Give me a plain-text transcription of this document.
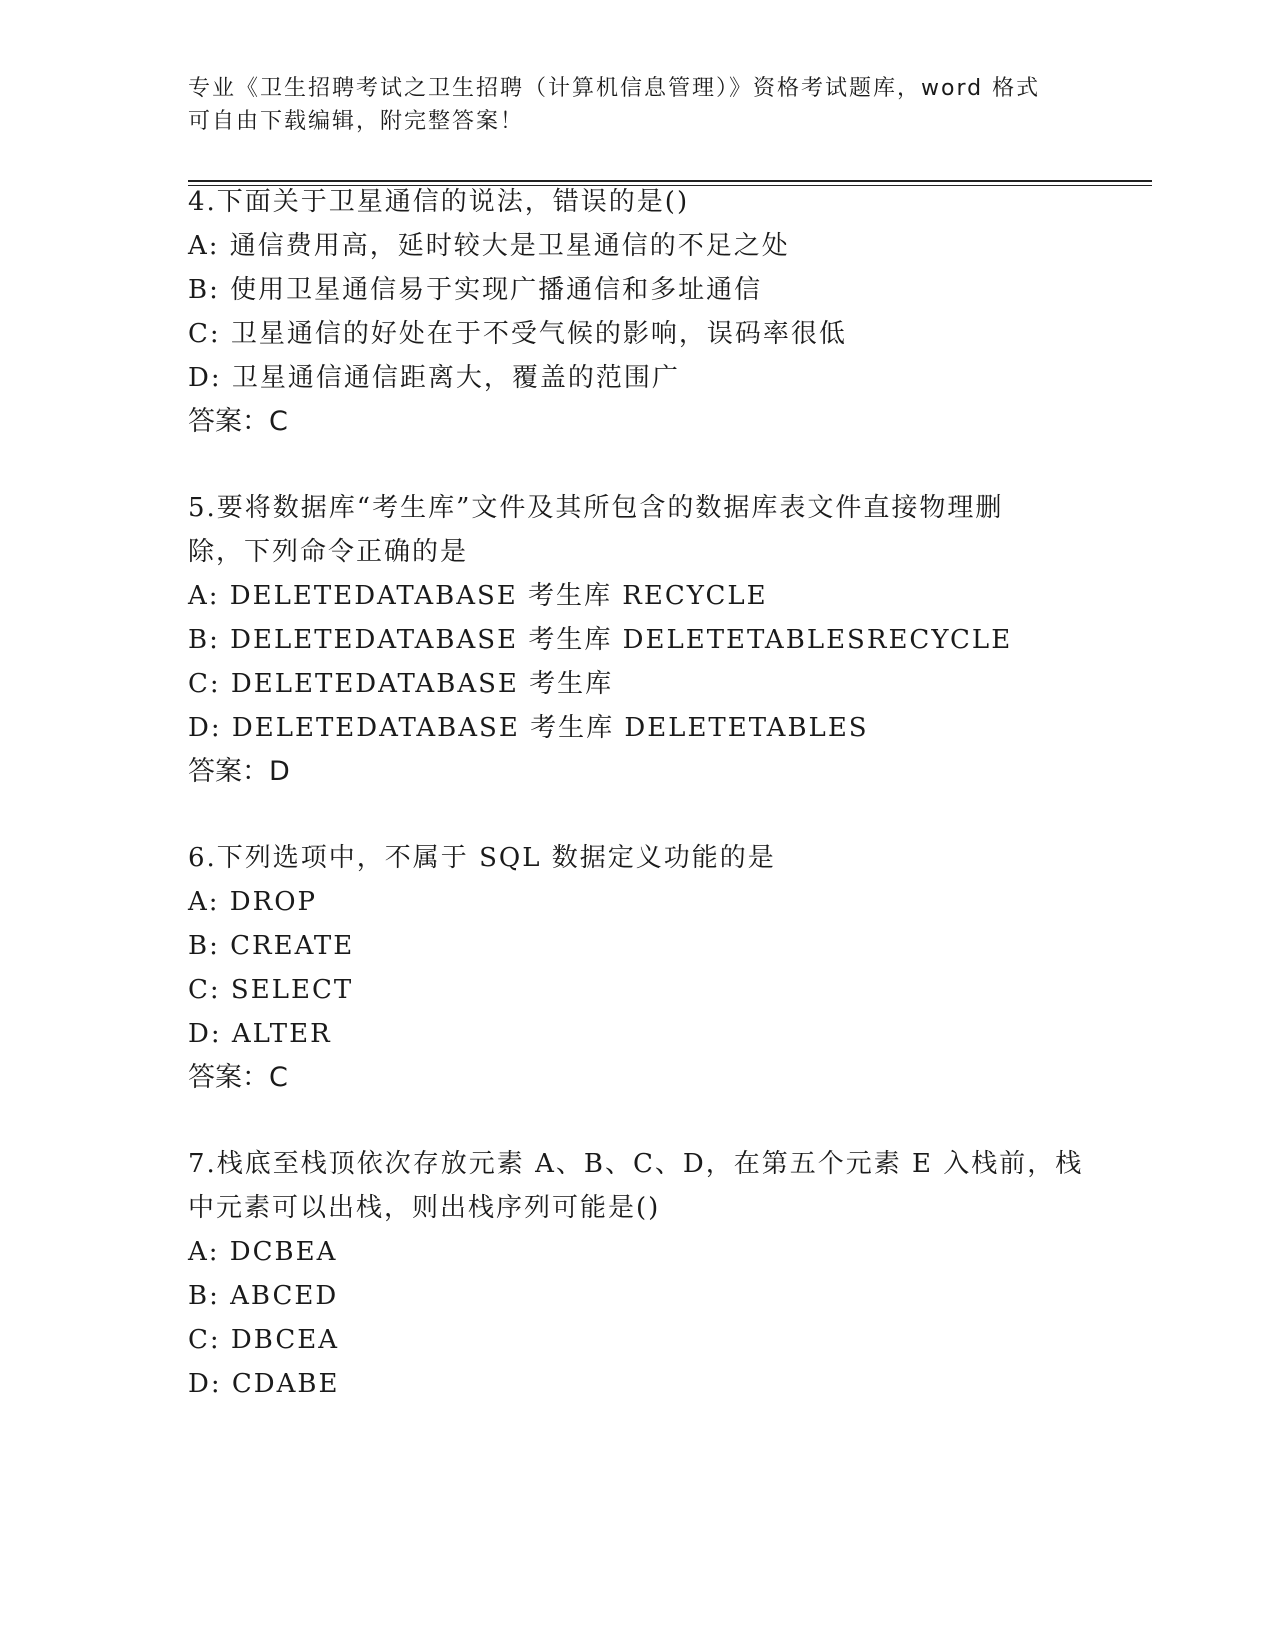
专业《卫生招聘考试之卫生招聘（计算机信息管理）》资格考试题库，word 格式
可自由下载编辑，附完整答案！
4.下面关于卫星通信的说法，错误的是()
A: 通信费用高，延时较大是卫星通信的不足之处
B: 使用卫星通信易于实现广播通信和多址通信
C: 卫星通信的好处在于不受气候的影响，误码率很低
D: 卫星通信通信距离大，覆盖的范围广
答案：C
5.要将数据库“考生库”文件及其所包含的数据库表文件直接物理删
除，下列命令正确的是
A: DELETEDATABASE 考生库 RECYCLE
B: DELETEDATABASE 考生库 DELETETABLESRECYCLE
C: DELETEDATABASE 考生库
D: DELETEDATABASE 考生库 DELETETABLES
答案：D
6.下列选项中，不属于 SQL 数据定义功能的是
A: DROP
B: CREATE
C: SELECT
D: ALTER
答案：C
7.栈底至栈顶依次存放元素 A、B、C、D，在第五个元素 E 入栈前，栈
中元素可以出栈，则出栈序列可能是()
A: DCBEA
B: ABCED
C: DBCEA
D: CDABE
